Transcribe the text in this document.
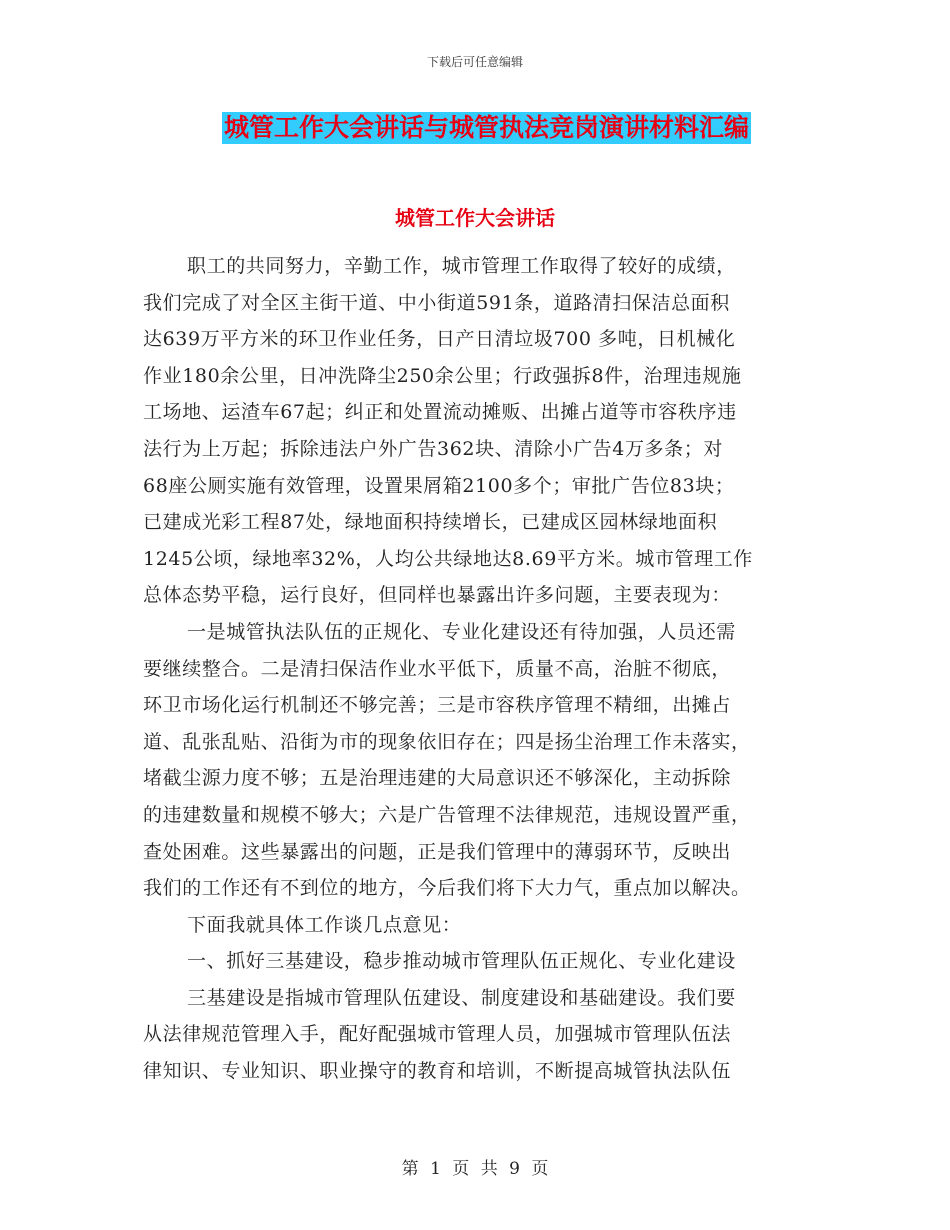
下载后可任意编辑
城管工作大会讲话与城管执法竞岗演讲材料汇编
城管工作大会讲话
职工的共同努力，辛勤工作，城市管理工作取得了较好的成绩，
我们完成了对全区主街干道、中小街道591条，道路清扫保洁总面积
达639万平方米的环卫作业任务，日产日清垃圾700 多吨，日机械化
作业180余公里，日冲洗降尘250余公里；行政强拆8件，治理违规施
工场地、运渣车67起；纠正和处置流动摊贩、出摊占道等市容秩序违
法行为上万起；拆除违法户外广告362块、清除小广告4万多条；对
68座公厕实施有效管理，设置果屑箱2100多个；审批广告位83块；
已建成光彩工程87处，绿地面积持续增长，已建成区园林绿地面积
1245公顷，绿地率32%，人均公共绿地达8.69平方米。城市管理工作
总体态势平稳，运行良好，但同样也暴露出许多问题，主要表现为：
一是城管执法队伍的正规化、专业化建设还有待加强，人员还需
要继续整合。二是清扫保洁作业水平低下，质量不高，治脏不彻底，
环卫市场化运行机制还不够完善；三是市容秩序管理不精细，出摊占
道、乱张乱贴、沿街为市的现象依旧存在；四是扬尘治理工作未落实，
堵截尘源力度不够；五是治理违建的大局意识还不够深化，主动拆除
的违建数量和规模不够大；六是广告管理不法律规范，违规设置严重，
查处困难。这些暴露出的问题，正是我们管理中的薄弱环节，反映出
我们的工作还有不到位的地方，今后我们将下大力气，重点加以解决。
下面我就具体工作谈几点意见：
一、抓好三基建设，稳步推动城市管理队伍正规化、专业化建设
三基建设是指城市管理队伍建设、制度建设和基础建设。我们要
从法律规范管理入手，配好配强城市管理人员，加强城市管理队伍法
律知识、专业知识、职业操守的教育和培训，不断提高城管执法队伍
第 1 页 共 9 页
